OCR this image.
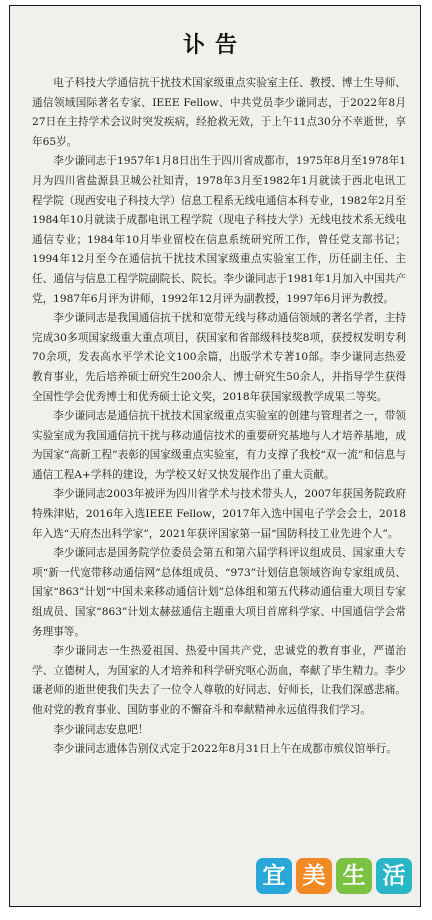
讣告

电子科技大学通信抗干扰技术国家级重点实验室主任、教授、博士生导师、通信领域国际著名专家、IEEE Fellow、中共党员李少谦同志，于2022年8月27日在主持学术会议时突发疾病，经抢救无效，于上午11点30分不幸逝世，享年65岁。

李少谦同志于1957年1月8日出生于四川省成都市，1975年8月至1978年1月为四川省盐源县卫城公社知青，1978年3月至1982年1月就读于西北电讯工程学院（现西安电子科技大学）信息工程系无线电通信本科专业，1982年2月至1984年10月就读于成都电讯工程学院（现电子科技大学）无线电技术系无线电通信专业；1984年10月毕业留校在信息系统研究所工作，曾任党支部书记；1994年12月至今在通信抗干扰技术国家级重点实验室工作，历任副主任、主任、通信与信息工程学院副院长、院长。李少谦同志于1981年1月加入中国共产党，1987年6月评为讲师，1992年12月评为副教授，1997年6月评为教授。

李少谦同志是我国通信抗干扰和宽带无线与移动通信领域的著名学者，主持完成30多项国家级重大重点项目，获国家和省部级科技奖8项，获授权发明专利70余项，发表高水平学术论文100余篇，出版学术专著10部。李少谦同志热爱教育事业，先后培养硕士研究生200余人、博士研究生50余人，并指导学生获得全国性学会优秀博士和优秀硕士论文奖，2018年获国家级教学成果二等奖。

李少谦同志是通信抗干扰技术国家级重点实验室的创建与管理者之一，带领实验室成为我国通信抗干扰与移动通信技术的重要研究基地与人才培养基地，成为国家“高新工程”表彰的国家级重点实验室，有力支撑了我校“双一流”和信息与通信工程A+学科的建设，为学校又好又快发展作出了重大贡献。

李少谦同志2003年被评为四川省学术与技术带头人，2007年获国务院政府特殊津贴，2016年入选IEEE Fellow，2017年入选中国电子学会会士，2018年入选“天府杰出科学家”，2021年获评国家第一届“国防科技工业先进个人”。

李少谦同志是国务院学位委员会第五和第六届学科评议组成员、国家重大专项“新一代宽带移动通信网”总体组成员、“973”计划信息领域咨询专家组成员、国家“863”计划“中国未来移动通信计划”总体组和第五代移动通信重大项目专家组成员、国家“863”计划太赫兹通信主题重大项目首席科学家、中国通信学会常务理事等。

李少谦同志一生热爱祖国、热爱中国共产党，忠诚党的教育事业，严谨治学、立德树人，为国家的人才培养和科学研究呕心沥血，奉献了毕生精力。李少谦老师的逝世使我们失去了一位令人尊敬的好同志、好师长，让我们深感悲痛。他对党的教育事业、国防事业的不懈奋斗和奉献精神永远值得我们学习。

李少谦同志安息吧！

李少谦同志遗体告别仪式定于2022年8月31日上午在成都市殡仪馆举行。

宜 美 生 活
